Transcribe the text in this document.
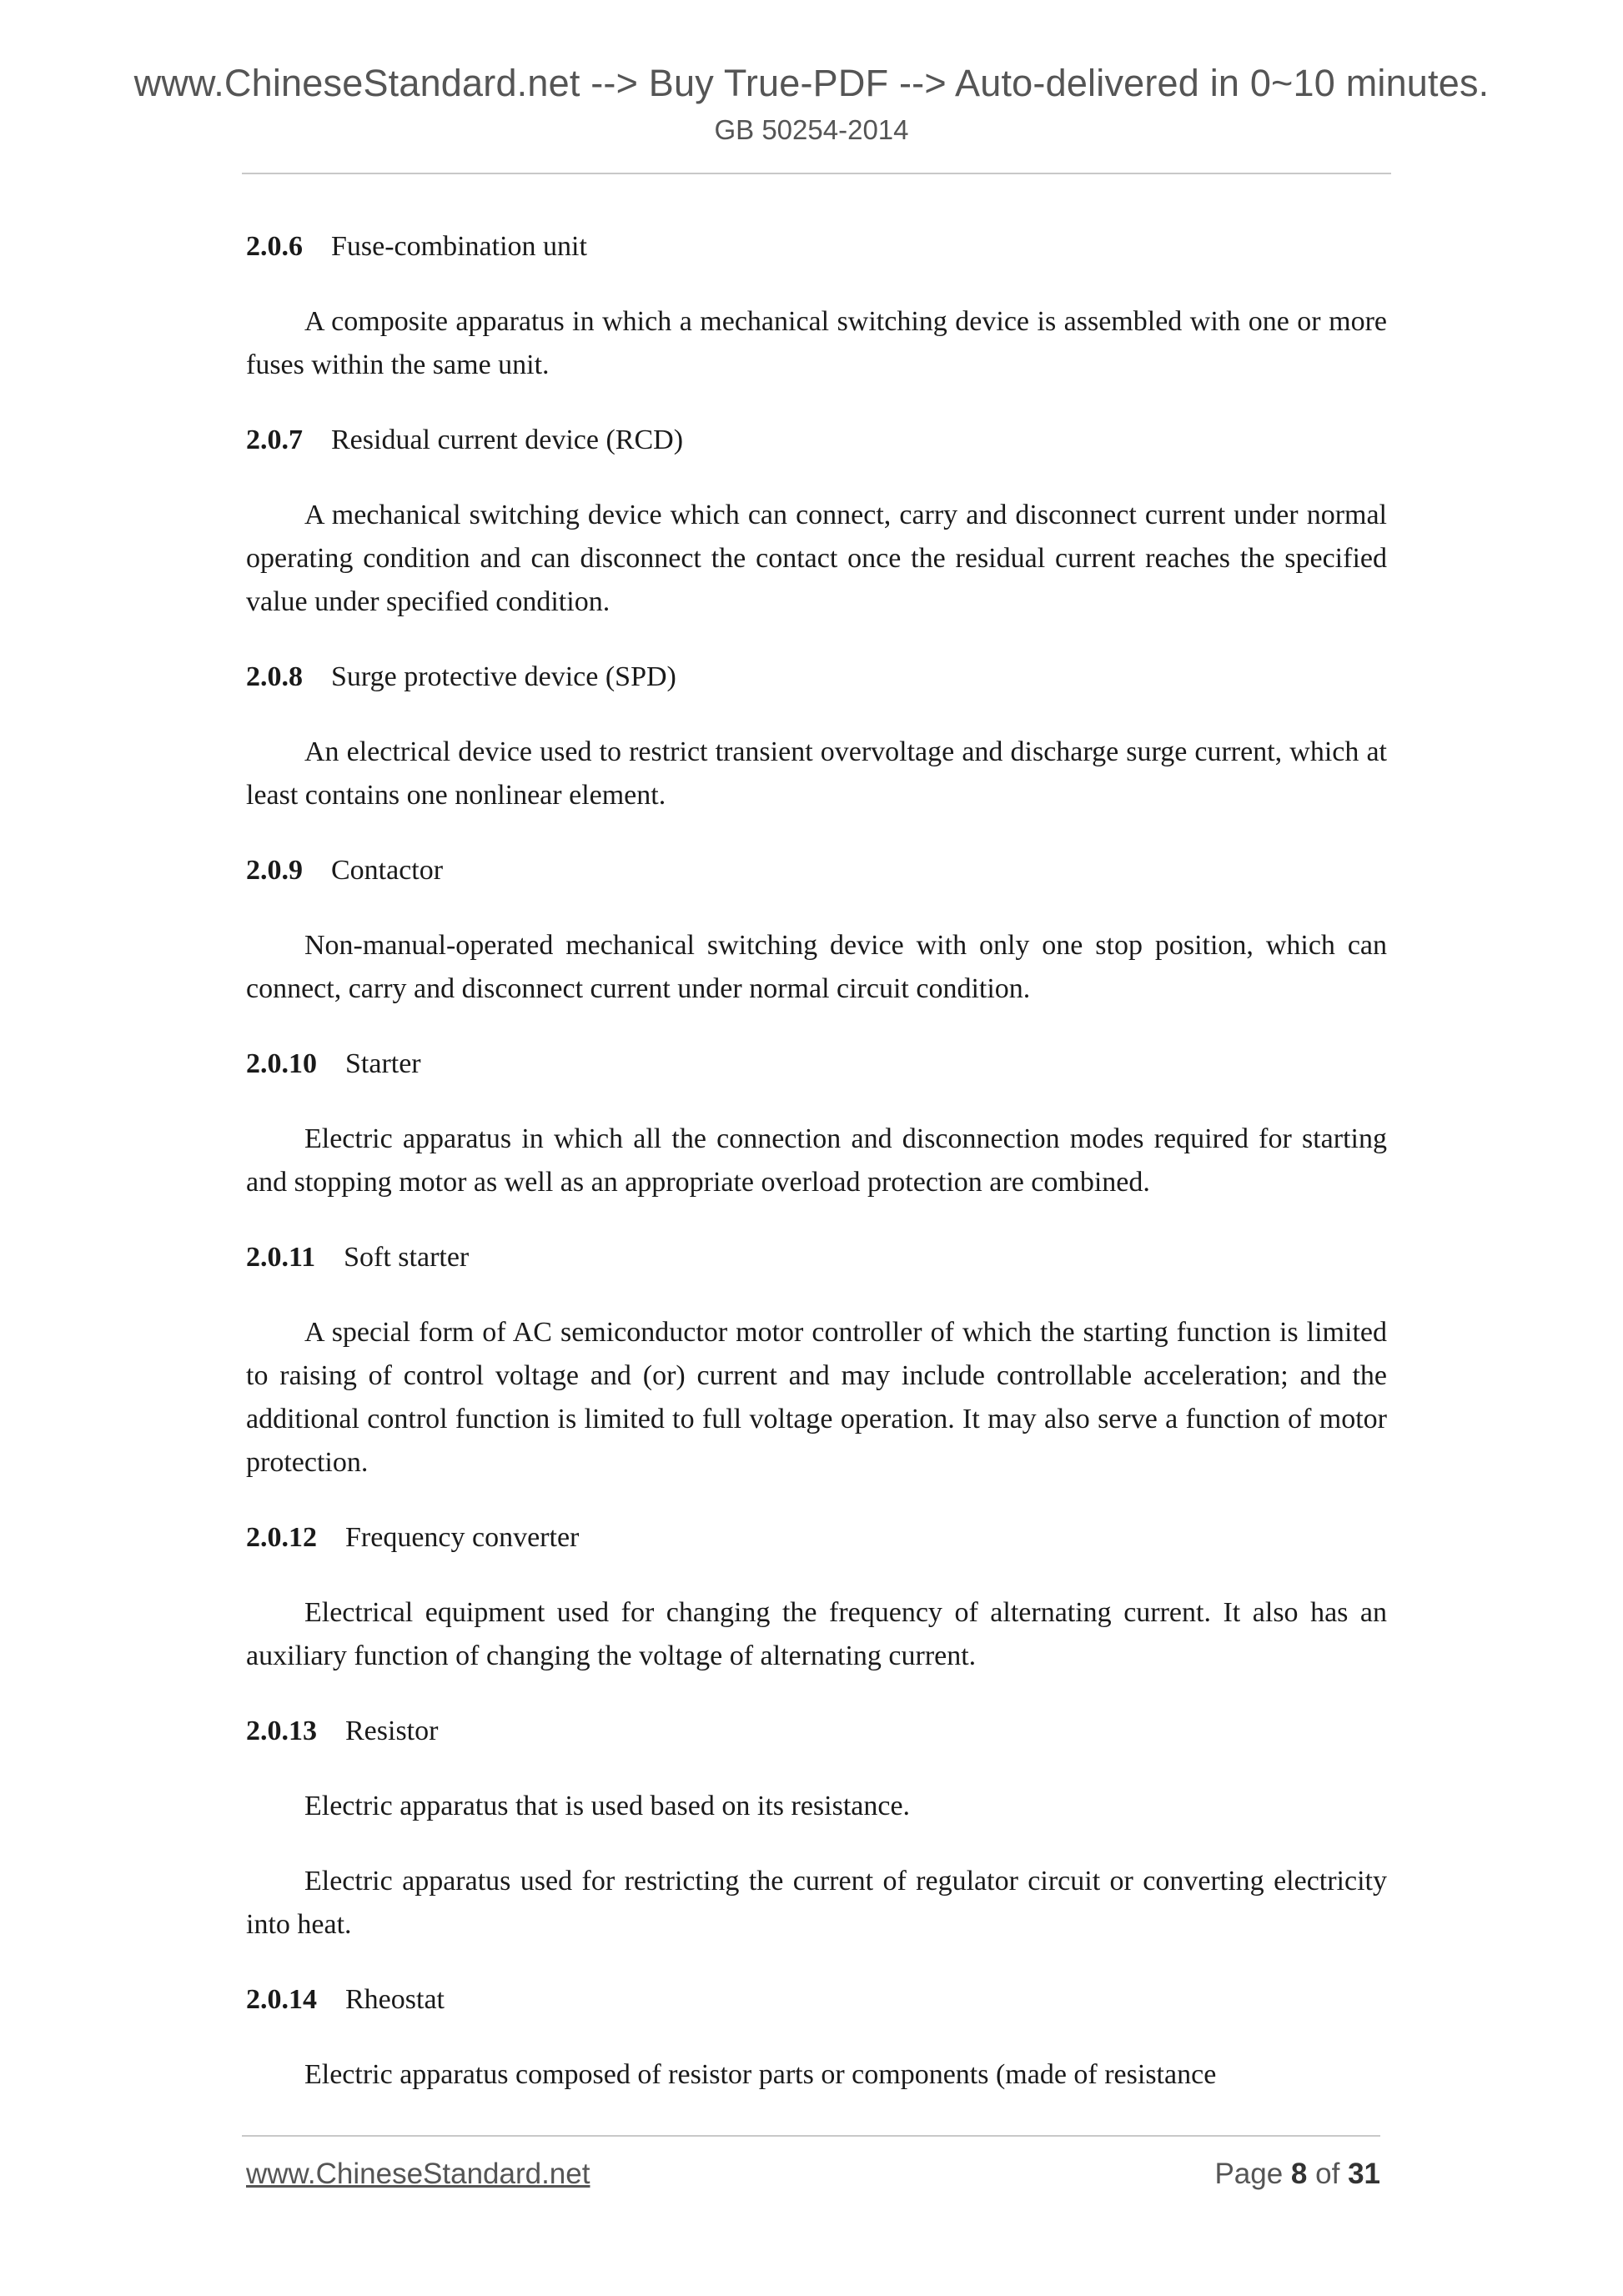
www.ChineseStandard.net --> Buy True-PDF --> Auto-delivered in 0~10 minutes.
GB 50254-2014
2.0.6 Fuse-combination unit

A composite apparatus in which a mechanical switching device is assembled with one or more fuses within the same unit.

2.0.7 Residual current device (RCD)

A mechanical switching device which can connect, carry and disconnect current under normal operating condition and can disconnect the contact once the residual current reaches the specified value under specified condition.

2.0.8 Surge protective device (SPD)

An electrical device used to restrict transient overvoltage and discharge surge current, which at least contains one nonlinear element.

2.0.9 Contactor

Non-manual-operated mechanical switching device with only one stop position, which can connect, carry and disconnect current under normal circuit condition.

2.0.10 Starter

Electric apparatus in which all the connection and disconnection modes required for starting and stopping motor as well as an appropriate overload protection are combined.

2.0.11 Soft starter

A special form of AC semiconductor motor controller of which the starting function is limited to raising of control voltage and (or) current and may include controllable acceleration; and the additional control function is limited to full voltage operation. It may also serve a function of motor protection.

2.0.12 Frequency converter

Electrical equipment used for changing the frequency of alternating current. It also has an auxiliary function of changing the voltage of alternating current.

2.0.13 Resistor

Electric apparatus that is used based on its resistance.

Electric apparatus used for restricting the current of regulator circuit or converting electricity into heat.

2.0.14 Rheostat

Electric apparatus composed of resistor parts or components (made of resistance

www.ChineseStandard.net	Page 8 of 31
